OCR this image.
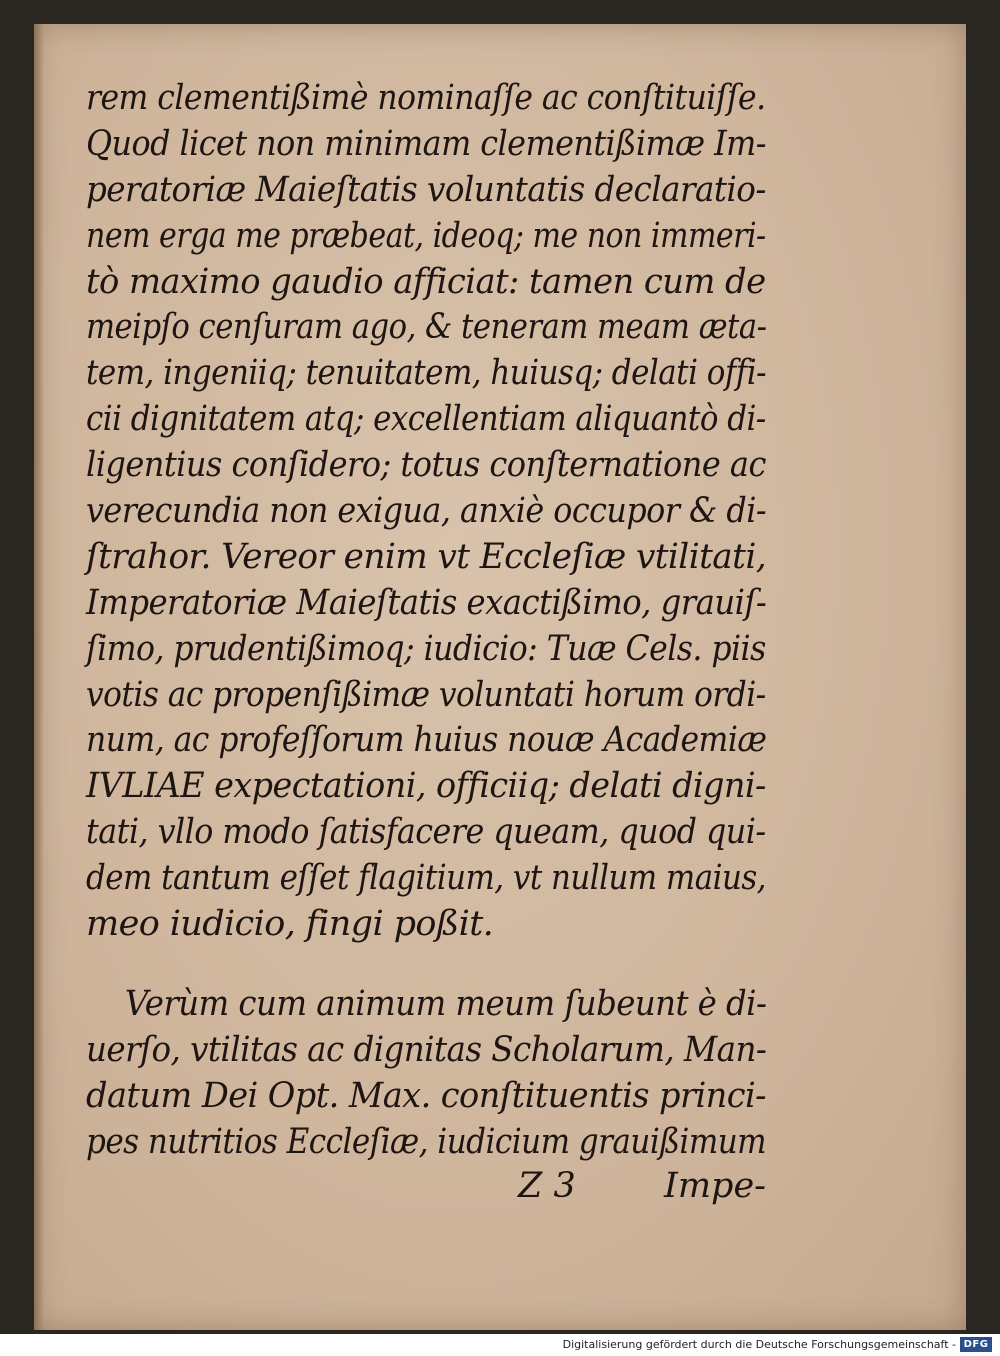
rem clementißimè nominaſſe ac conſtituiſſe.
Quod licet non minimam clementißimæ Im-
peratoriæ Maieſtatis voluntatis declaratio-
nem erga me præbeat, ideoq; me non immeri-
tò maximo gaudio afficiat: tamen cum de
meipſo cenſuram ago, & teneram meam æta-
tem, ingeniiq; tenuitatem, huiusq; delati offi-
cii dignitatem atq; excellentiam aliquantò di-
ligentius conſidero; totus conſternatione ac
verecundia non exigua, anxiè occupor & di-
ſtrahor. Vereor enim vt Eccleſiæ vtilitati,
Imperatoriæ Maieſtatis exactißimo, grauiſ-
ſimo, prudentißimoq; iudicio: Tuæ Cels. piis
votis ac propenſißimæ voluntati horum ordi-
num, ac profeſſorum huius nouæ Academiæ
IVLIAE expectationi, officiiq; delati digni-
tati, vllo modo ſatisfacere queam, quod qui-
dem tantum eſſet flagitium, vt nullum maius,
meo iudicio, fingi poßit.
Verùm cum animum meum ſubeunt è di-
uerſo, vtilitas ac dignitas Scholarum, Man-
datum Dei Opt. Max. conſtituentis princi-
pes nutritios Eccleſiæ, iudicium grauißimum
Z 3	Impe-
Digitalisierung gefördert durch die Deutsche Forschungsgemeinschaft - DFG
